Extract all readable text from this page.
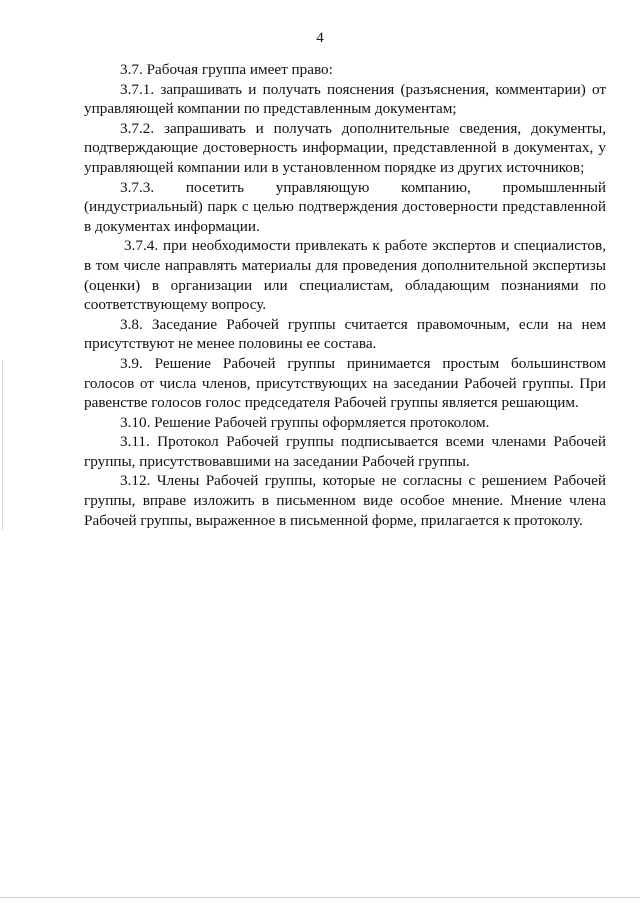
4

3.7. Рабочая группа имеет право:

3.7.1. запрашивать и получать пояснения (разъяснения, комментарии) от управляющей компании по представленным документам;

3.7.2. запрашивать и получать дополнительные сведения, документы, подтверждающие достоверность информации, представленной в документах, у управляющей компании или в установленном порядке из других источников;

3.7.3. посетить управляющую компанию, промышленный (индустриальный) парк с целью подтверждения достоверности представленной в документах информации.

3.7.4. при необходимости привлекать к работе экспертов и специалистов, в том числе направлять материалы для проведения дополнительной экспертизы (оценки) в организации или специалистам, обладающим познаниями по соответствующему вопросу.

3.8. Заседание Рабочей группы считается правомочным, если на нем присутствуют не менее половины ее состава.

3.9. Решение Рабочей группы принимается простым большинством голосов от числа членов, присутствующих на заседании Рабочей группы. При равенстве голосов голос председателя Рабочей группы является решающим.

3.10. Решение Рабочей группы оформляется протоколом.

3.11. Протокол Рабочей группы подписывается всеми членами Рабочей группы, присутствовавшими на заседании Рабочей группы.

3.12. Члены Рабочей группы, которые не согласны с решением Рабочей группы, вправе изложить в письменном виде особое мнение. Мнение члена Рабочей группы, выраженное в письменной форме, прилагается к протоколу.
